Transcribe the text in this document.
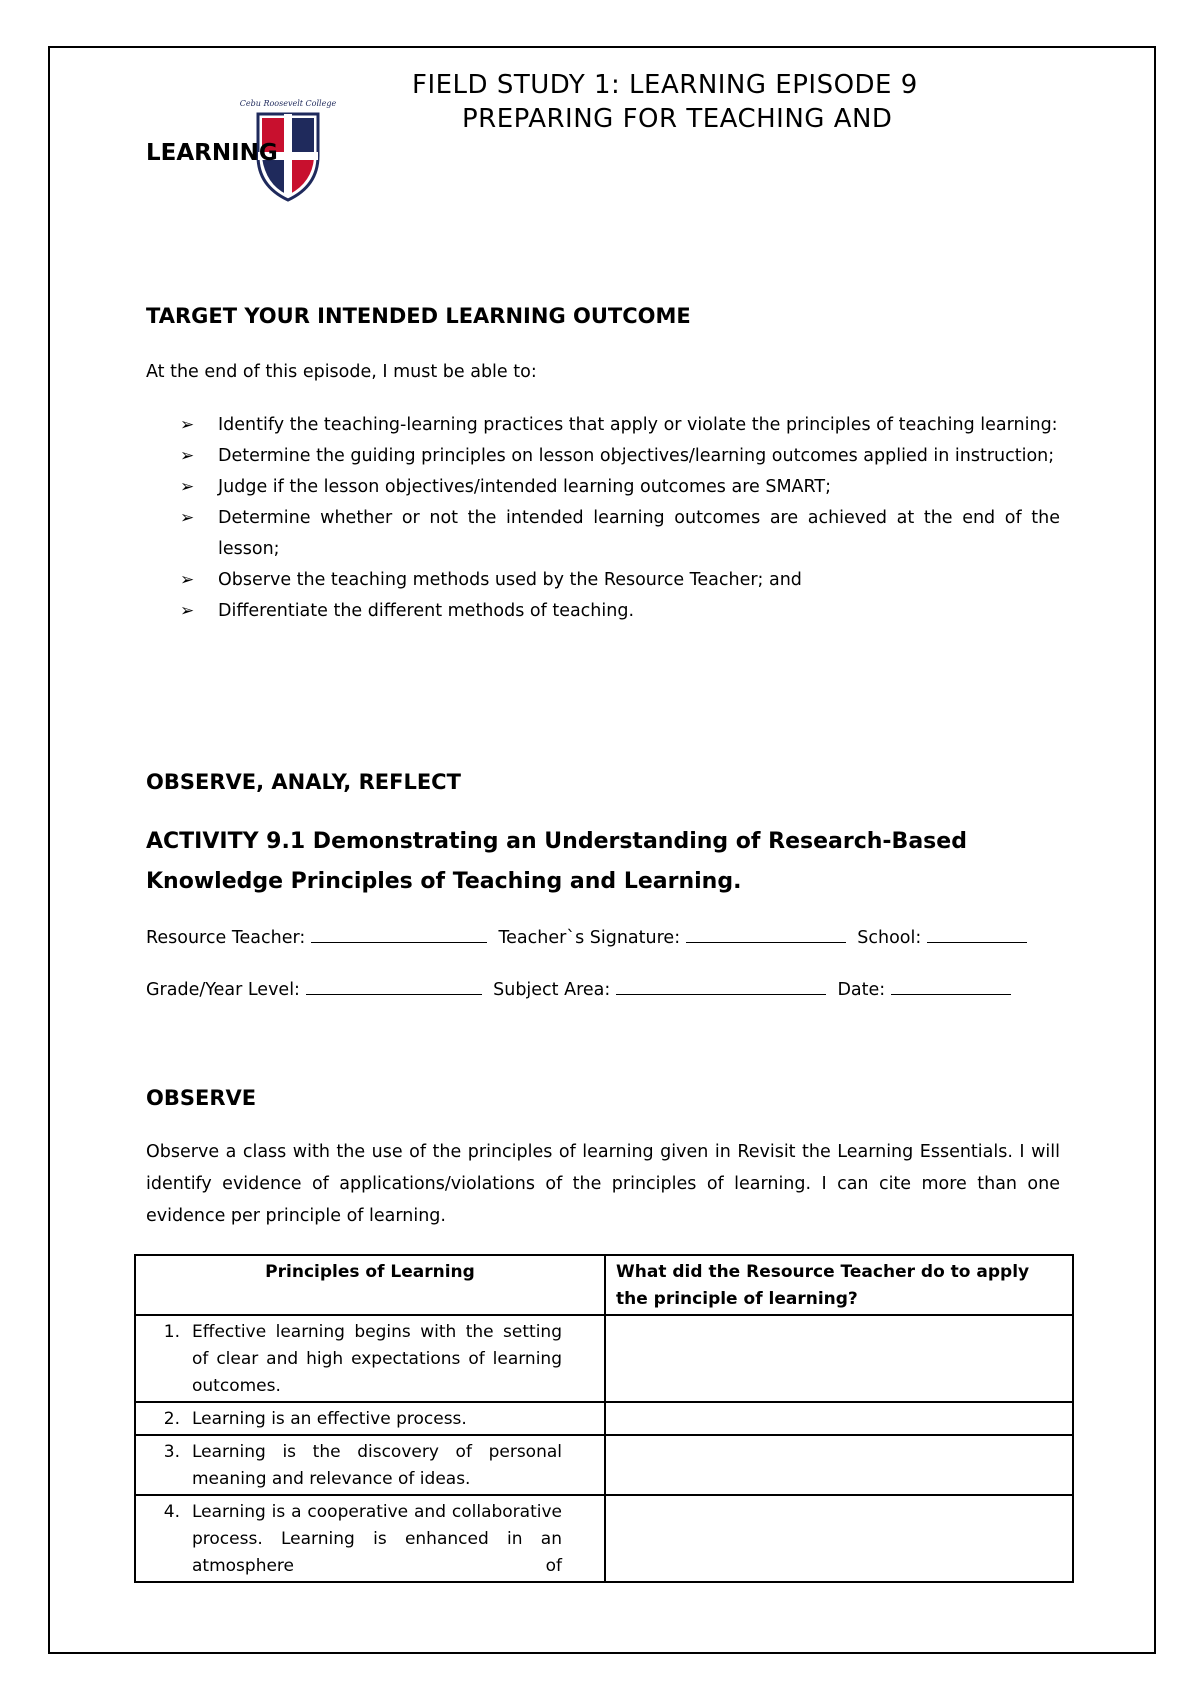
FIELD STUDY 1: LEARNING EPISODE 9
PREPARING FOR TEACHING AND
Cebu Roosevelt College
LEARNING
TARGET YOUR INTENDED LEARNING OUTCOME
At the end of this episode, I must be able to:
➢ Identify the teaching-learning practices that apply or violate the principles of teaching learning:
➢ Determine the guiding principles on lesson objectives/learning outcomes applied in instruction;
➢ Judge if the lesson objectives/intended learning outcomes are SMART;
➢ Determine whether or not the intended learning outcomes are achieved at the end of the lesson;
➢ Observe the teaching methods used by the Resource Teacher; and
➢ Differentiate the different methods of teaching.
OBSERVE, ANALY, REFLECT
ACTIVITY 9.1 Demonstrating an Understanding of Research-Based Knowledge Principles of Teaching and Learning.
Resource Teacher:	Teacher`s Signature:	School:
Grade/Year Level:	Subject Area:	Date:
OBSERVE
Observe a class with the use of the principles of learning given in Revisit the Learning Essentials. I will identify evidence of applications/violations of the principles of learning. I can cite more than one evidence per principle of learning.
Principles of Learning	What did the Resource Teacher do to apply the principle of learning?
1. Effective learning begins with the setting of clear and high expectations of learning outcomes.	
2. Learning is an effective process.	
3. Learning is the discovery of personal meaning and relevance of ideas.	
4. Learning is a cooperative and collaborative process. Learning is enhanced in an atmosphere of	
